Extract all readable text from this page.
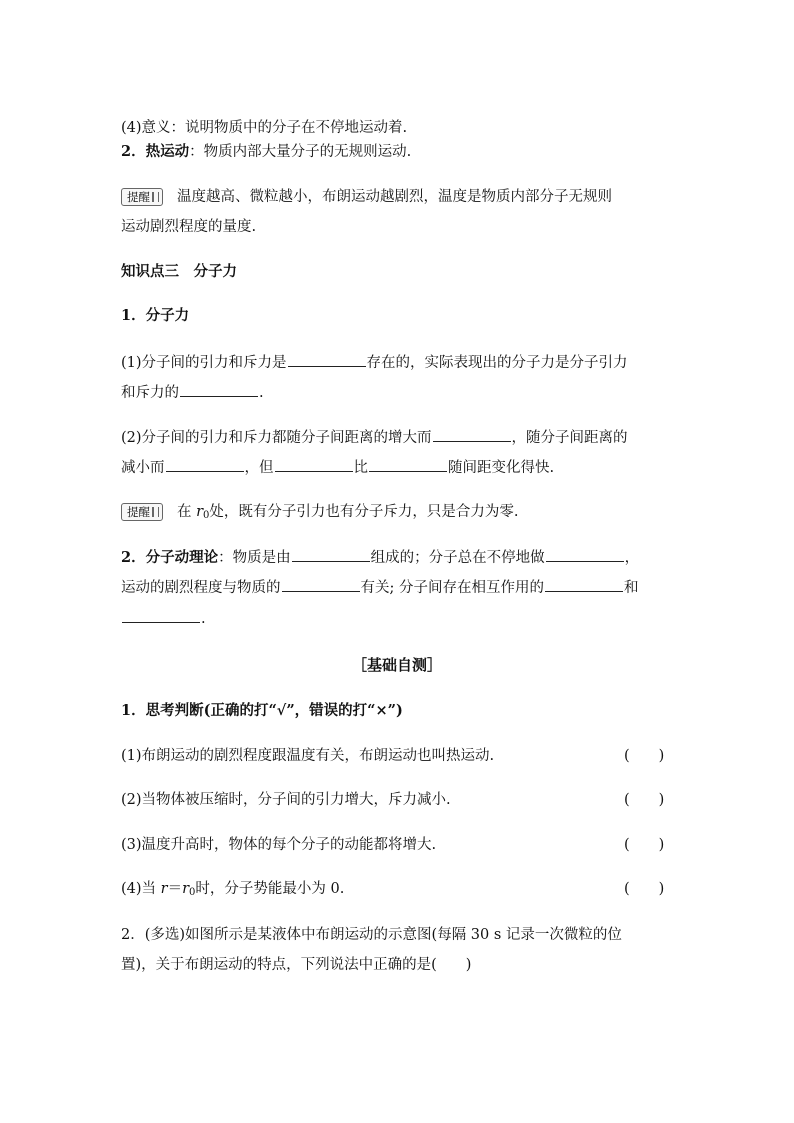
(4)意义：说明物质中的分子在不停地运动着.
2．热运动：物质内部大量分子的无规则运动.
提醒 温度越高、微粒越小，布朗运动越剧烈，温度是物质内部分子无规则
运动剧烈程度的量度.
知识点三　分子力
1．分子力
(1)分子间的引力和斥力是	存在的，实际表现出的分子力是分子引力
和斥力的	.
(2)分子间的引力和斥力都随分子间距离的增大而	，随分子间距离的
减小而	，但	比	随间距变化得快.
提醒 在 $r_0$处，既有分子引力也有分子斥力，只是合力为零.
2．分子动理论：物质是由	组成的；分子总在不停地做	，
运动的剧烈程度与物质的	有关; 分子间存在相互作用的	和
.
［基础自测］
1．思考判断(正确的打“√”，错误的打“×”)
(1)布朗运动的剧烈程度跟温度有关，布朗运动也叫热运动.	(　　)
(2)当物体被压缩时，分子间的引力增大，斥力减小.	(　　)
(3)温度升高时，物体的每个分子的动能都将增大.	(　　)
(4)当 $r=r_0$时，分子势能最小为 0.	(　　)
2．(多选)如图所示是某液体中布朗运动的示意图(每隔 30 s 记录一次微粒的位
置)，关于布朗运动的特点，下列说法中正确的是(　　)
